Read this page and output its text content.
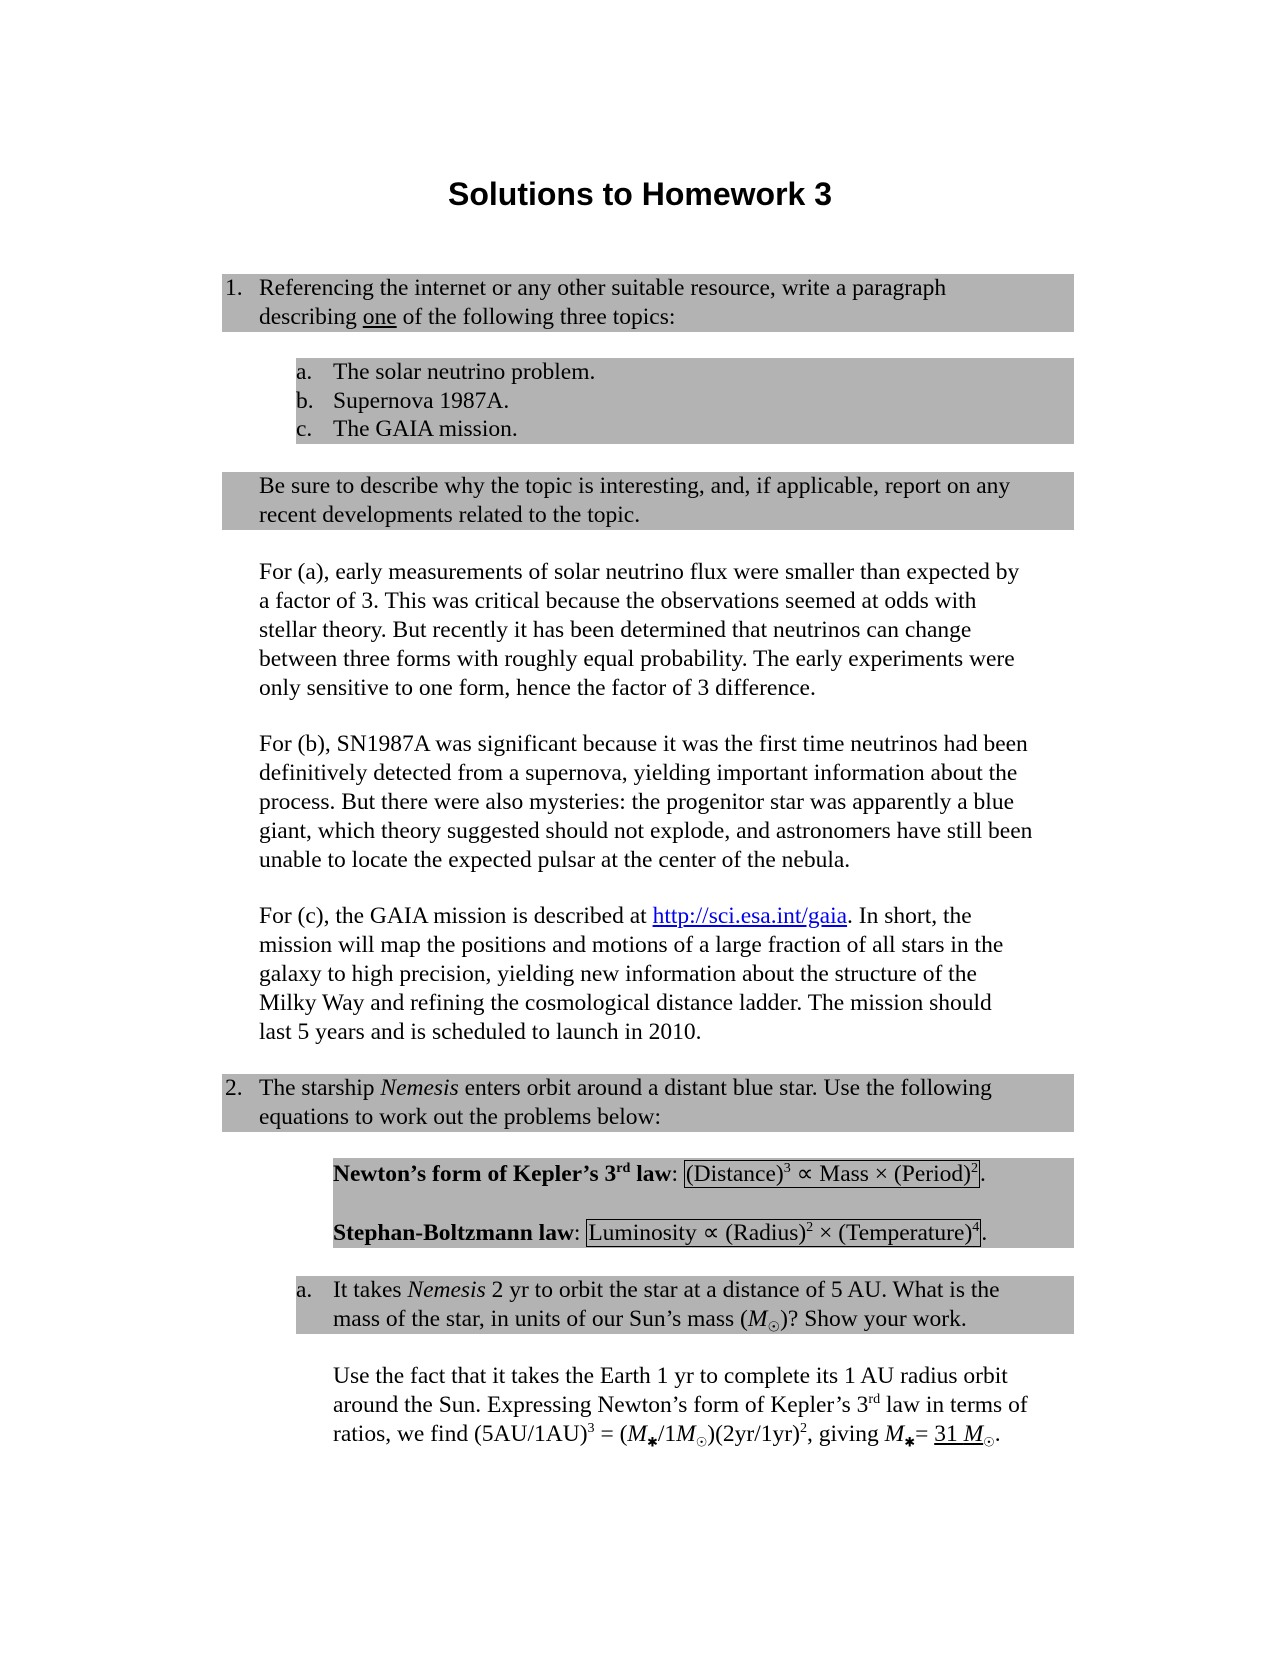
Solutions to Homework 3
1. Referencing the internet or any other suitable resource, write a paragraph
describing one of the following three topics:
a. The solar neutrino problem.
b. Supernova 1987A.
c. The GAIA mission.
Be sure to describe why the topic is interesting, and, if applicable, report on any
recent developments related to the topic.
For (a), early measurements of solar neutrino flux were smaller than expected by
a factor of 3. This was critical because the observations seemed at odds with
stellar theory. But recently it has been determined that neutrinos can change
between three forms with roughly equal probability. The early experiments were
only sensitive to one form, hence the factor of 3 difference.
For (b), SN1987A was significant because it was the first time neutrinos had been
definitively detected from a supernova, yielding important information about the
process. But there were also mysteries: the progenitor star was apparently a blue
giant, which theory suggested should not explode, and astronomers have still been
unable to locate the expected pulsar at the center of the nebula.
For (c), the GAIA mission is described at http://sci.esa.int/gaia. In short, the
mission will map the positions and motions of a large fraction of all stars in the
galaxy to high precision, yielding new information about the structure of the
Milky Way and refining the cosmological distance ladder. The mission should
last 5 years and is scheduled to launch in 2010.
2. The starship Nemesis enters orbit around a distant blue star. Use the following
equations to work out the problems below:
Newton’s form of Kepler’s 3rd law: (Distance)$^3$ ∝ Mass × (Period)$^2$.
Stephan-Boltzmann law: Luminosity ∝ (Radius)$^2$ × (Temperature)$^4$.
a. It takes Nemesis 2 yr to orbit the star at a distance of 5 AU. What is the
mass of the star, in units of our Sun’s mass $(M_☉)$? Show your work.
Use the fact that it takes the Earth 1 yr to complete its 1 AU radius orbit
around the Sun. Expressing Newton’s form of Kepler’s 3rd law in terms of
ratios, we find $(5AU/1AU)^3 = (M_✱/1M_☉)(2yr/1yr)^2$, giving $M_✱= 31$ $M_☉$.
